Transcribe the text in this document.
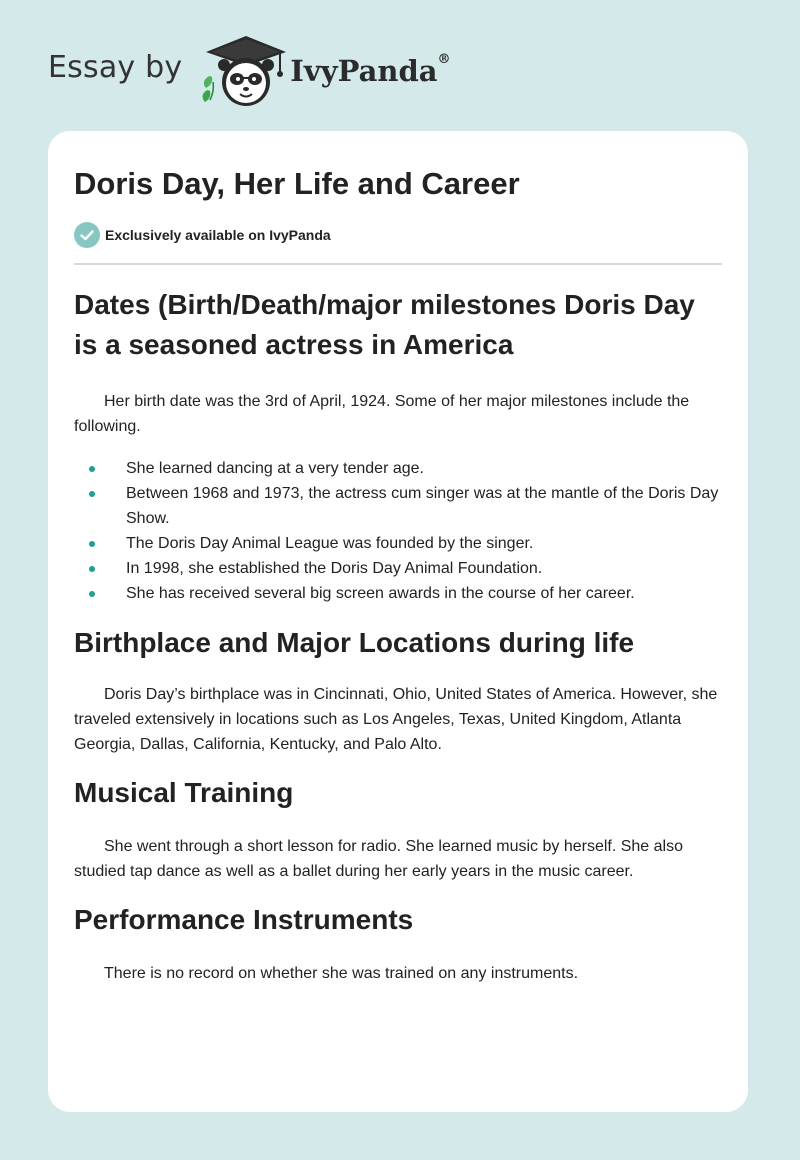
Essay by	IvyPanda®
Doris Day, Her Life and Career
Exclusively available on IvyPanda
Dates (Birth/Death/major milestones Doris Day is a seasoned actress in America

Her birth date was the 3rd of April, 1924. Some of her major milestones include the following.

She learned dancing at a very tender age.
Between 1968 and 1973, the actress cum singer was at the mantle of the Doris Day Show.
The Doris Day Animal League was founded by the singer.
In 1998, she established the Doris Day Animal Foundation.
She has received several big screen awards in the course of her career.
Birthplace and Major Locations during life

Doris Day’s birthplace was in Cincinnati, Ohio, United States of America. However, she traveled extensively in locations such as Los Angeles, Texas, United Kingdom, Atlanta Georgia, Dallas, California, Kentucky, and Palo Alto.

Musical Training

She went through a short lesson for radio. She learned music by herself. She also studied tap dance as well as a ballet during her early years in the music career.

Performance Instruments

There is no record on whether she was trained on any instruments.
